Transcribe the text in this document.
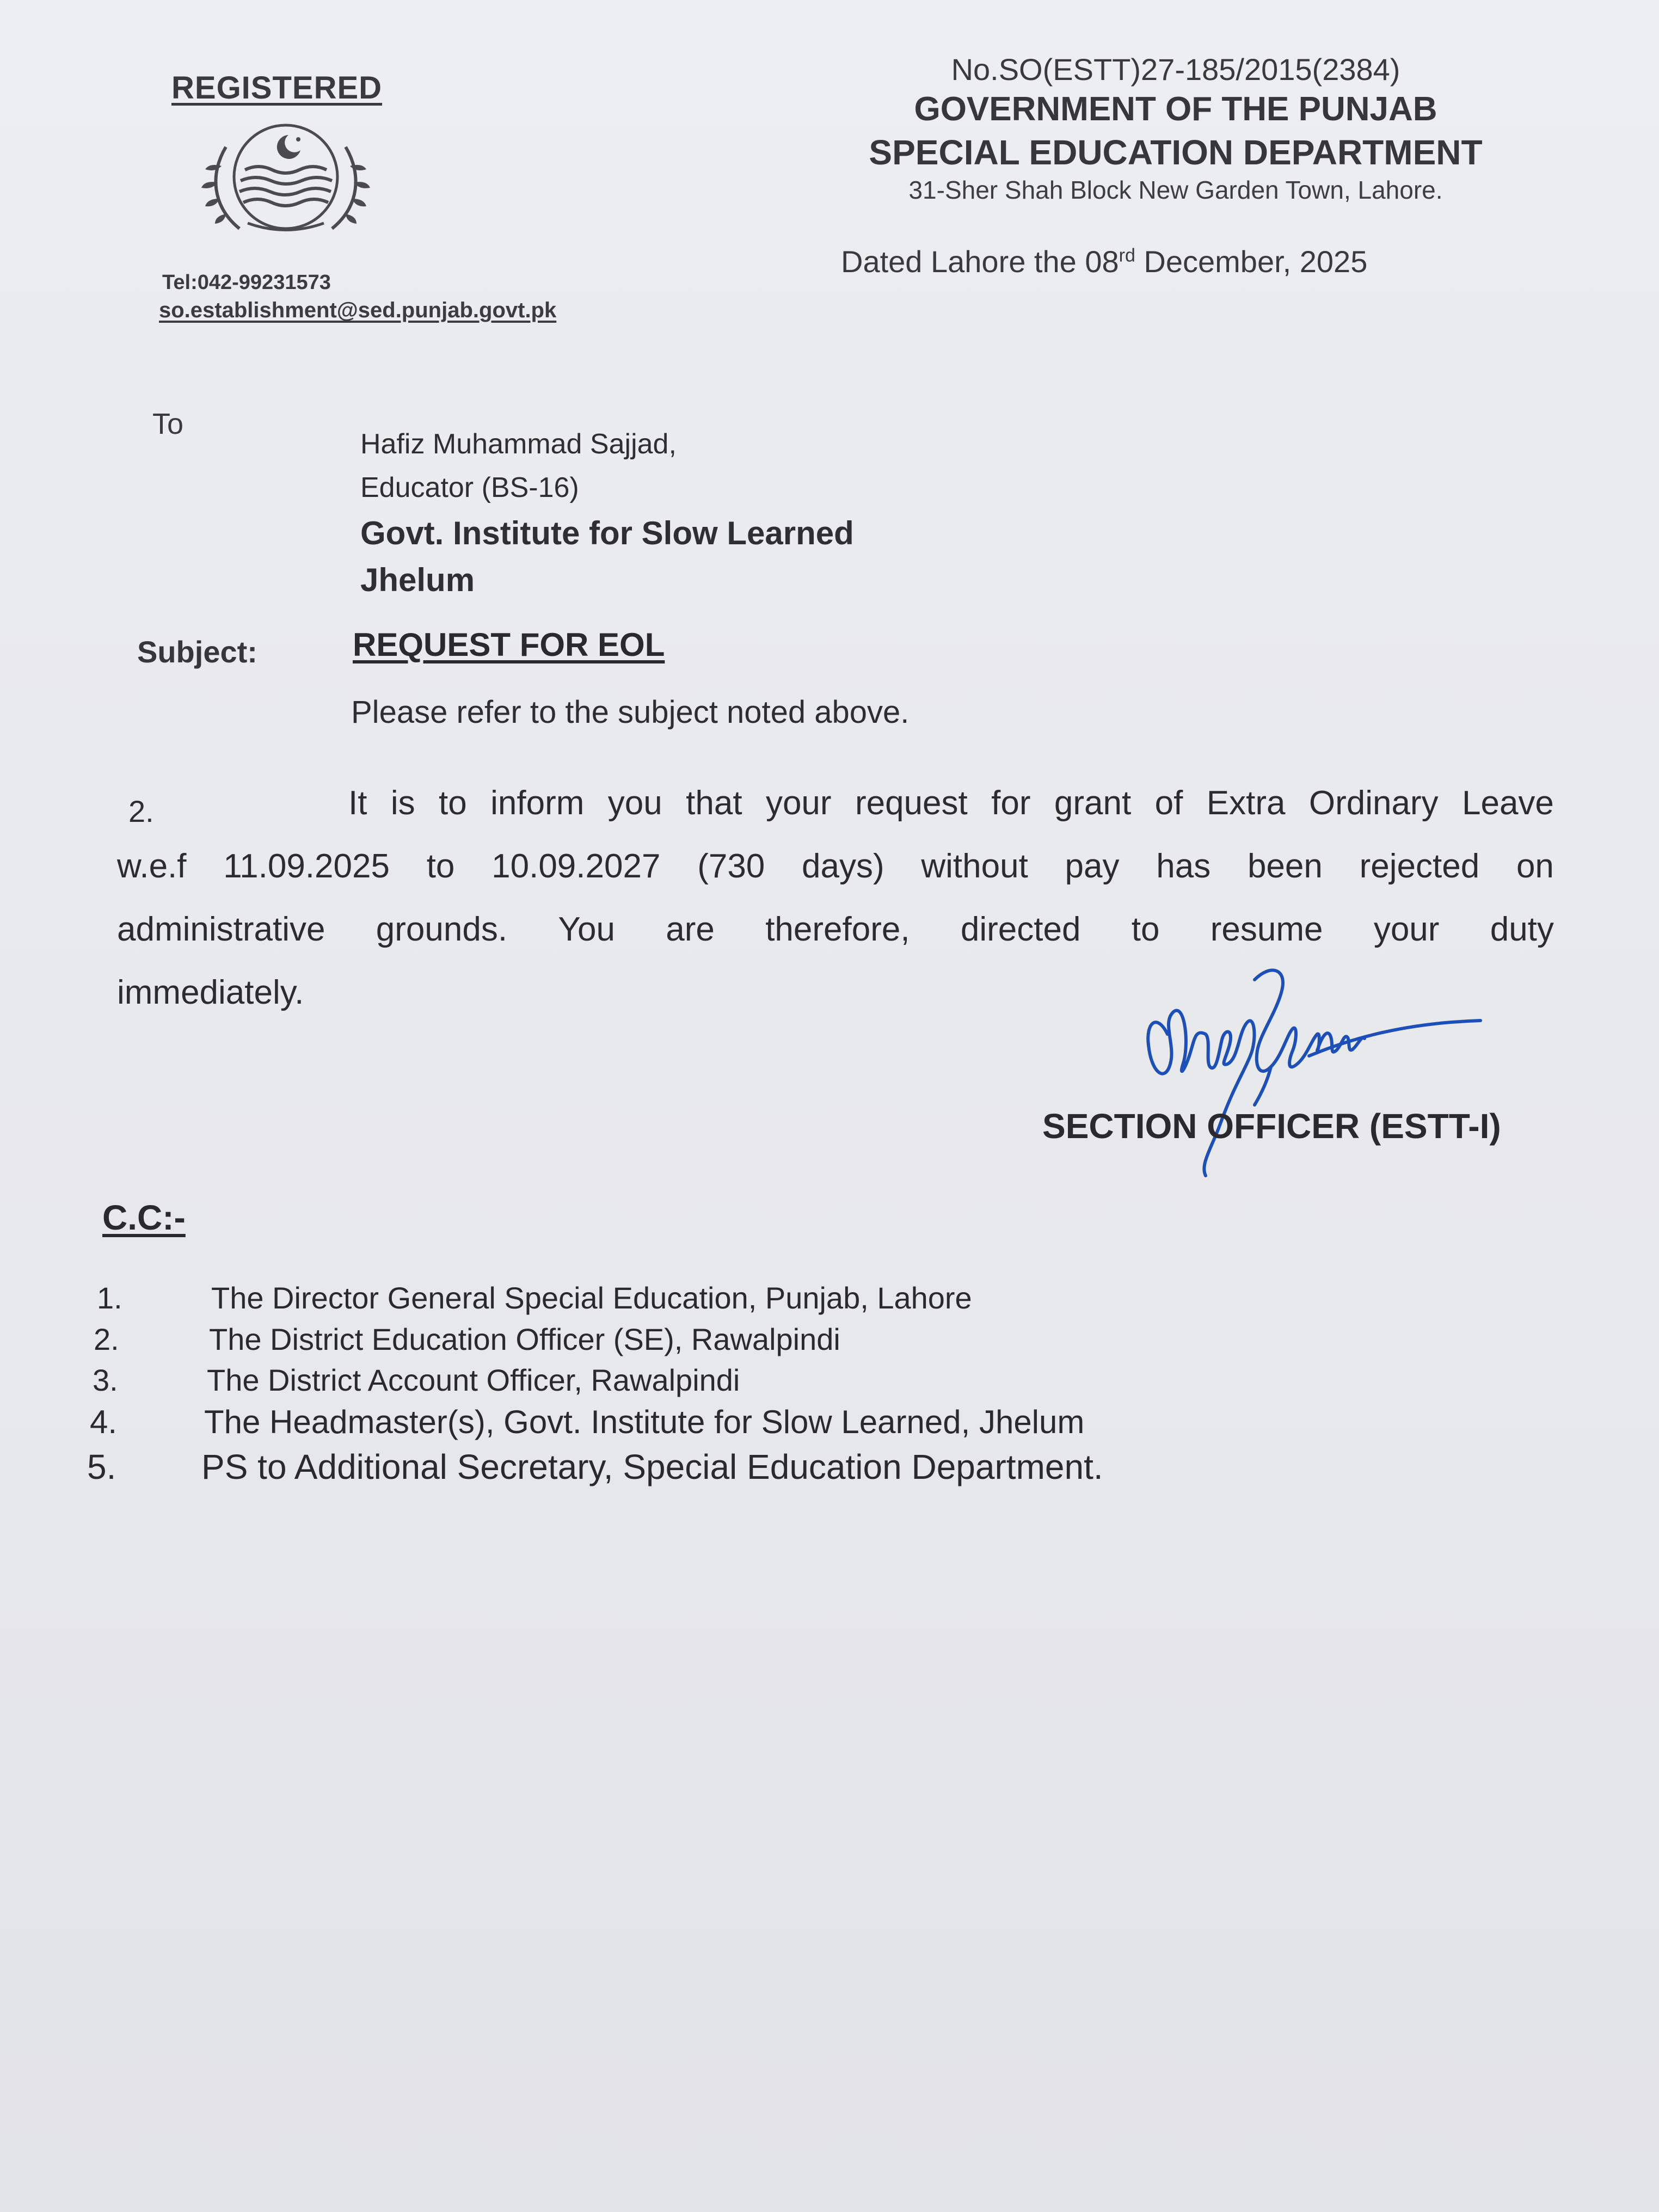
REGISTERED
Tel:042-99231573
so.establishment@sed.punjab.govt.pk
No.SO(ESTT)27-185/2015(2384)
GOVERNMENT OF THE PUNJAB
SPECIAL EDUCATION DEPARTMENT
31-Sher Shah Block New Garden Town, Lahore.
Dated Lahore the 08rd December, 2025
To
Hafiz Muhammad Sajjad,
Educator (BS-16)
Govt. Institute for Slow Learned
Jhelum
Subject:	REQUEST FOR EOL
Please refer to the subject noted above.
2.	It is to inform you that your request for grant of Extra Ordinary Leave
w.e.f 11.09.2025 to 10.09.2027 (730 days) without pay has been rejected on
administrative grounds. You are therefore, directed to resume your duty
immediately.
SECTION OFFICER (ESTT-I)
C.C:-
1.	The Director General Special Education, Punjab, Lahore
2.	The District Education Officer (SE), Rawalpindi
3.	The District Account Officer, Rawalpindi
4.	The Headmaster(s), Govt. Institute for Slow Learned, Jhelum
5. PS to Additional Secretary, Special Education Department.
